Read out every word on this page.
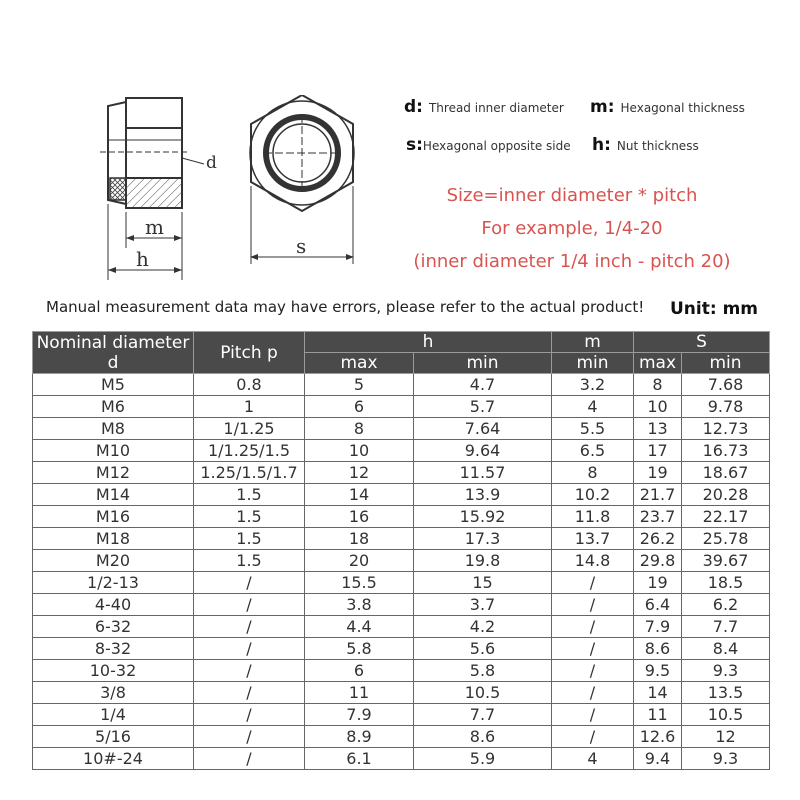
d
m
h
s
d: Thread inner diameter m: Hexagonal thickness
s:Hexagonal opposite side h: Nut thickness
Size=inner diameter * pitch
For example, 1/4-20
(inner diameter 1/4 inch - pitch 20)
Manual measurement data may have errors, please refer to the actual product! Unit: mm
Nominal diameter d	Pitch p	h		m	S	
		max	min	min	max	min
M5	0.8	5	4.7	3.2	8	7.68
M6	1	6	5.7	4	10	9.78
M8	1/1.25	8	7.64	5.5	13	12.73
M10	1/1.25/1.5	10	9.64	6.5	17	16.73
M12	1.25/1.5/1.7	12	11.57	8	19	18.67
M14	1.5	14	13.9	10.2	21.7	20.28
M16	1.5	16	15.92	11.8	23.7	22.17
M18	1.5	18	17.3	13.7	26.2	25.78
M20	1.5	20	19.8	14.8	29.8	39.67
1/2-13	/	15.5	15	/	19	18.5
4-40	/	3.8	3.7	/	6.4	6.2
6-32	/	4.4	4.2	/	7.9	7.7
8-32	/	5.8	5.6	/	8.6	8.4
10-32	/	6	5.8	/	9.5	9.3
3/8	/	11	10.5	/	14	13.5
1/4	/	7.9	7.7	/	11	10.5
5/16	/	8.9	8.6	/	12.6	12
10#-24	/	6.1	5.9	4	9.4	9.3
